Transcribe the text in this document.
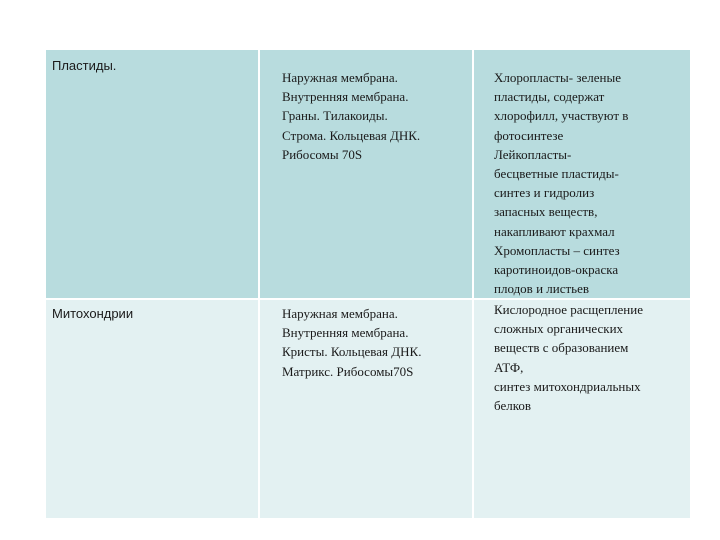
Пластиды.
Наружная мембрана.
Внутренняя мембрана.
Граны. Тилакоиды.
Строма. Кольцевая ДНК.
Рибосомы 70S
Хлоропласты- зеленые
пластиды, содержат
хлорофилл, участвуют в
фотосинтезе
Лейкопласты-
бесцветные пластиды-
синтез и гидролиз
запасных веществ,
накапливают крахмал
Хромопласты – синтез
каротиноидов-окраска
плодов и листьев
Митохондрии	Наружная мембрана.
Внутренняя мембрана.
Кристы. Кольцевая ДНК.
Матрикс. Рибосомы70S
Кислородное расщепление
сложных органических
веществ с образованием
АТФ,
синтез митохондриальных
белков
